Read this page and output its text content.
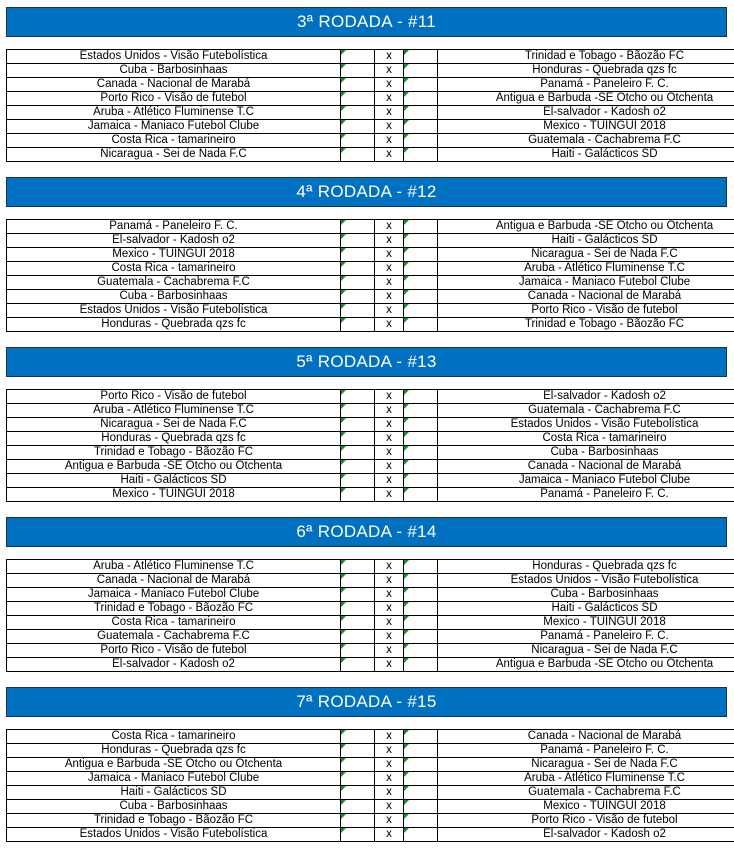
3ª RODADA - #11
Estados Unidos - Visão Futebolística		x		Trinidad e Tobago - Bãozão FC
Cuba - Barbosinhaas		x		Honduras - Quebrada qzs fc
Canada - Nacional de Marabá		x		Panamá - Paneleiro F. C.
Porto Rico - Visão de futebol		x		Antigua e Barbuda -SE Otcho ou Otchenta
Aruba - Atlético Fluminense T.C		x		El-salvador - Kadosh o2
Jamaica - Maniaco Futebol Clube		x		Mexico - TUINGUI 2018
Costa Rica - tamarineiro		x		Guatemala - Cachabrema F.C
Nicaragua - Sei de Nada F.C		x		Haiti - Galácticos SD
4ª RODADA - #12
Panamá - Paneleiro F. C.		x		Antigua e Barbuda -SE Otcho ou Otchenta
El-salvador - Kadosh o2		x		Haiti - Galácticos SD
Mexico - TUINGUI 2018		x		Nicaragua - Sei de Nada F.C
Costa Rica - tamarineiro		x		Aruba - Atlético Fluminense T.C
Guatemala - Cachabrema F.C		x		Jamaica - Maniaco Futebol Clube
Cuba - Barbosinhaas		x		Canada - Nacional de Marabá
Estados Unidos - Visão Futebolística		x		Porto Rico - Visão de futebol
Honduras - Quebrada qzs fc		x		Trinidad e Tobago - Bãozão FC
5ª RODADA - #13
Porto Rico - Visão de futebol		x		El-salvador - Kadosh o2
Aruba - Atlético Fluminense T.C		x		Guatemala - Cachabrema F.C
Nicaragua - Sei de Nada F.C		x		Estados Unidos - Visão Futebolística
Honduras - Quebrada qzs fc		x		Costa Rica - tamarineiro
Trinidad e Tobago - Bãozão FC		x		Cuba - Barbosinhaas
Antigua e Barbuda -SE Otcho ou Otchenta		x		Canada - Nacional de Marabá
Haiti - Galácticos SD		x		Jamaica - Maniaco Futebol Clube
Mexico - TUINGUI 2018		x		Panamá - Paneleiro F. C.
6ª RODADA - #14
Aruba - Atlético Fluminense T.C		x		Honduras - Quebrada qzs fc
Canada - Nacional de Marabá		x		Estados Unidos - Visão Futebolística
Jamaica - Maniaco Futebol Clube		x		Cuba - Barbosinhaas
Trinidad e Tobago - Bãozão FC		x		Haiti - Galácticos SD
Costa Rica - tamarineiro		x		Mexico - TUINGUI 2018
Guatemala - Cachabrema F.C		x		Panamá - Paneleiro F. C.
Porto Rico - Visão de futebol		x		Nicaragua - Sei de Nada F.C
El-salvador - Kadosh o2		x		Antigua e Barbuda -SE Otcho ou Otchenta
7ª RODADA - #15
Costa Rica - tamarineiro		x		Canada - Nacional de Marabá
Honduras - Quebrada qzs fc		x		Panamá - Paneleiro F. C.
Antigua e Barbuda -SE Otcho ou Otchenta		x		Nicaragua - Sei de Nada F.C
Jamaica - Maniaco Futebol Clube		x		Aruba - Atlético Fluminense T.C
Haiti - Galácticos SD		x		Guatemala - Cachabrema F.C
Cuba - Barbosinhaas		x		Mexico - TUINGUI 2018
Trinidad e Tobago - Bãozão FC		x		Porto Rico - Visão de futebol
Estados Unidos - Visão Futebolística		x		El-salvador - Kadosh o2
